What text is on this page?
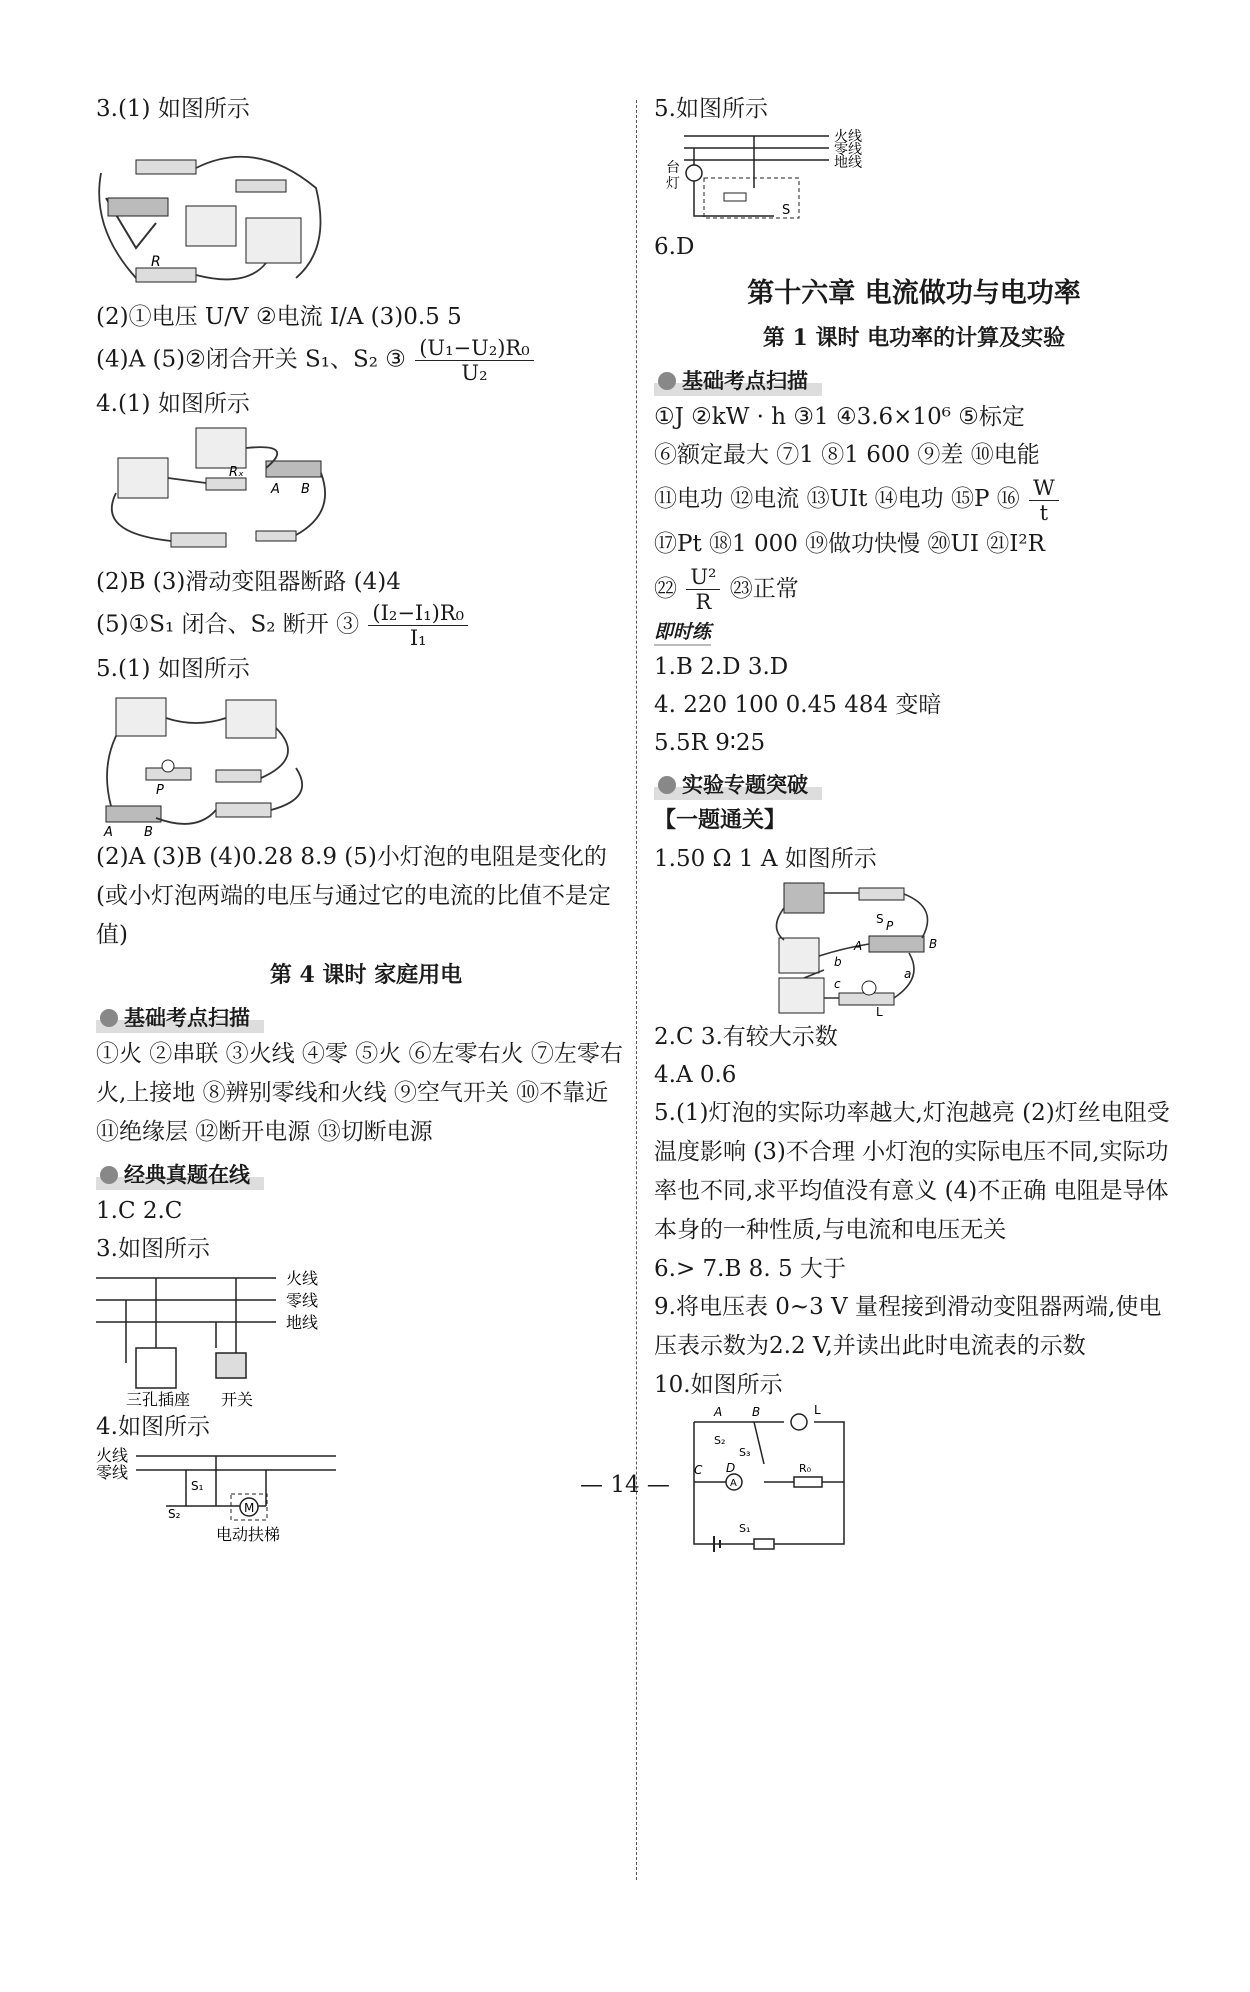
3.(1) 如图所示

R

(2)①电压 U/V ②电流 I/A (3)0.5 5

(4)A (5)②闭合开关 S₁、S₂ ③ $\frac{\text{(U₁−U₂)R₀}}{\text{U₂}}$

4.(1) 如图所示

Rₓ
A B

(2)B (3)滑动变阻器断路 (4)4

(5)①S₁ 闭合、S₂ 断开 ③ $\frac{\text{(I₂−I₁)R₀}}{\text{I₁}}$

5.(1) 如图所示

P
A B

(2)A (3)B (4)0.28 8.9 (5)小灯泡的电阻是变化的(或小灯泡两端的电压与通过它的电流的比值不是定值)

第 4 课时 家庭用电

基础考点扫描

①火 ②串联 ③火线 ④零 ⑤火 ⑥左零右火 ⑦左零右火,上接地 ⑧辨别零线和火线 ⑨空气开关 ⑩不靠近 ⑪绝缘层 ⑫断开电源 ⑬切断电源

经典真题在线

1.C 2.C

3.如图所示

火线
零线
地线
三孔插座 开关

4.如图所示

M
火线
零线
S₁
S₂
电动扶梯

5.如图所示

火线
零线
地线
台
灯
S

6.D

第十六章 电流做功与电功率

第 1 课时 电功率的计算及实验

基础考点扫描

①J ②kW · h ③1 ④3.6×10⁶ ⑤标定

⑥额定最大 ⑦1 ⑧1 600 ⑨差 ⑩电能

⑪电功 ⑫电流 ⑬UIt ⑭电功 ⑮P ⑯ $\frac{W}{t}$

⑰Pt ⑱1 000 ⑲做功快慢 ⑳UI ㉑I²R

㉒ $\frac{\text{U²}}{R}$ ㉓正常

即时练

1.B 2.D 3.D

4. 220 100 0.45 484 变暗

5.5R 9∶25

实验专题突破

【一题通关】

1.50 Ω 1 A 如图所示

S
A
P
B
b
c
a
L

2.C 3.有较大示数

4.A 0.6

5.(1)灯泡的实际功率越大,灯泡越亮 (2)灯丝电阻受温度影响 (3)不合理 小灯泡的实际电压不同,实际功率也不同,求平均值没有意义 (4)不正确 电阻是导体本身的一种性质,与电流和电压无关

6.> 7.B 8. 5 大于

9.将电压表 0~3 V 量程接到滑动变阻器两端,使电压表示数为2.2 V,并读出此时电流表的示数

10.如图所示

A B	L
S₂
S₃
C D
A
R₀
S₁
— 14 —
